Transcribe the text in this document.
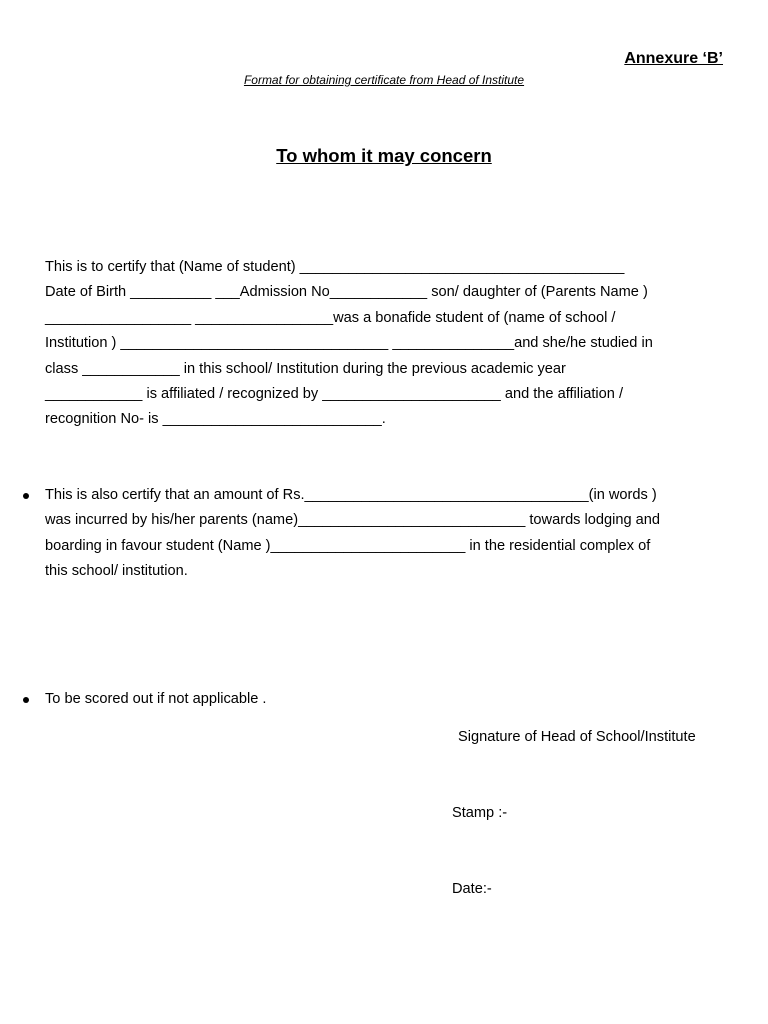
Annexure ‘B’
Format for obtaining certificate from Head of Institute
To whom it may concern
This is to certify that (Name of student) ________________________________________
Date of Birth __________ ___Admission No____________ son/ daughter of (Parents Name )
__________________ _________________was a bonafide student of (name of school /
Institution ) _________________________________ _______________and she/he studied in
class ____________ in this school/ Institution during the previous academic year
____________ is affiliated / recognized by ______________________ and the affiliation /
recognition No- is ___________________________.
This is also certify that an amount of Rs.___________________________________(in words )
was incurred by his/her parents (name)____________________________ towards lodging and
boarding in favour student (Name )________________________ in the residential complex of
this school/ institution.
To be scored out if not applicable .
Signature of Head of School/Institute
Stamp :-
Date:-
